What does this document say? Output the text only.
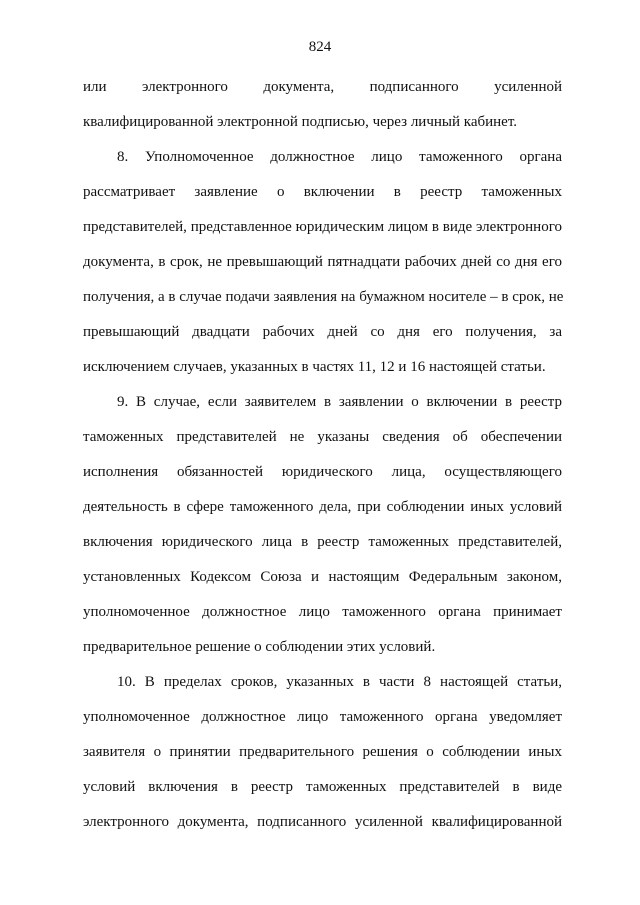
824
или электронного документа, подписанного усиленной
квалифицированной электронной подписью, через личный кабинет.
8. Уполномоченное должностное лицо таможенного органа
рассматривает заявление о включении в реестр таможенных
представителей, представленное юридическим лицом в виде электронного
документа, в срок, не превышающий пятнадцати рабочих дней со дня его
получения, а в случае подачи заявления на бумажном носителе – в срок, не
превышающий двадцати рабочих дней со дня его получения, за
исключением случаев, указанных в частях 11, 12 и 16 настоящей статьи.
9. В случае, если заявителем в заявлении о включении в реестр
таможенных представителей не указаны сведения об обеспечении
исполнения обязанностей юридического лица, осуществляющего
деятельность в сфере таможенного дела, при соблюдении иных условий
включения юридического лица в реестр таможенных представителей,
установленных Кодексом Союза и настоящим Федеральным законом,
уполномоченное должностное лицо таможенного органа принимает
предварительное решение о соблюдении этих условий.
10. В пределах сроков, указанных в части 8 настоящей статьи,
уполномоченное должностное лицо таможенного органа уведомляет
заявителя о принятии предварительного решения о соблюдении иных
условий включения в реестр таможенных представителей в виде
электронного документа, подписанного усиленной квалифицированной
